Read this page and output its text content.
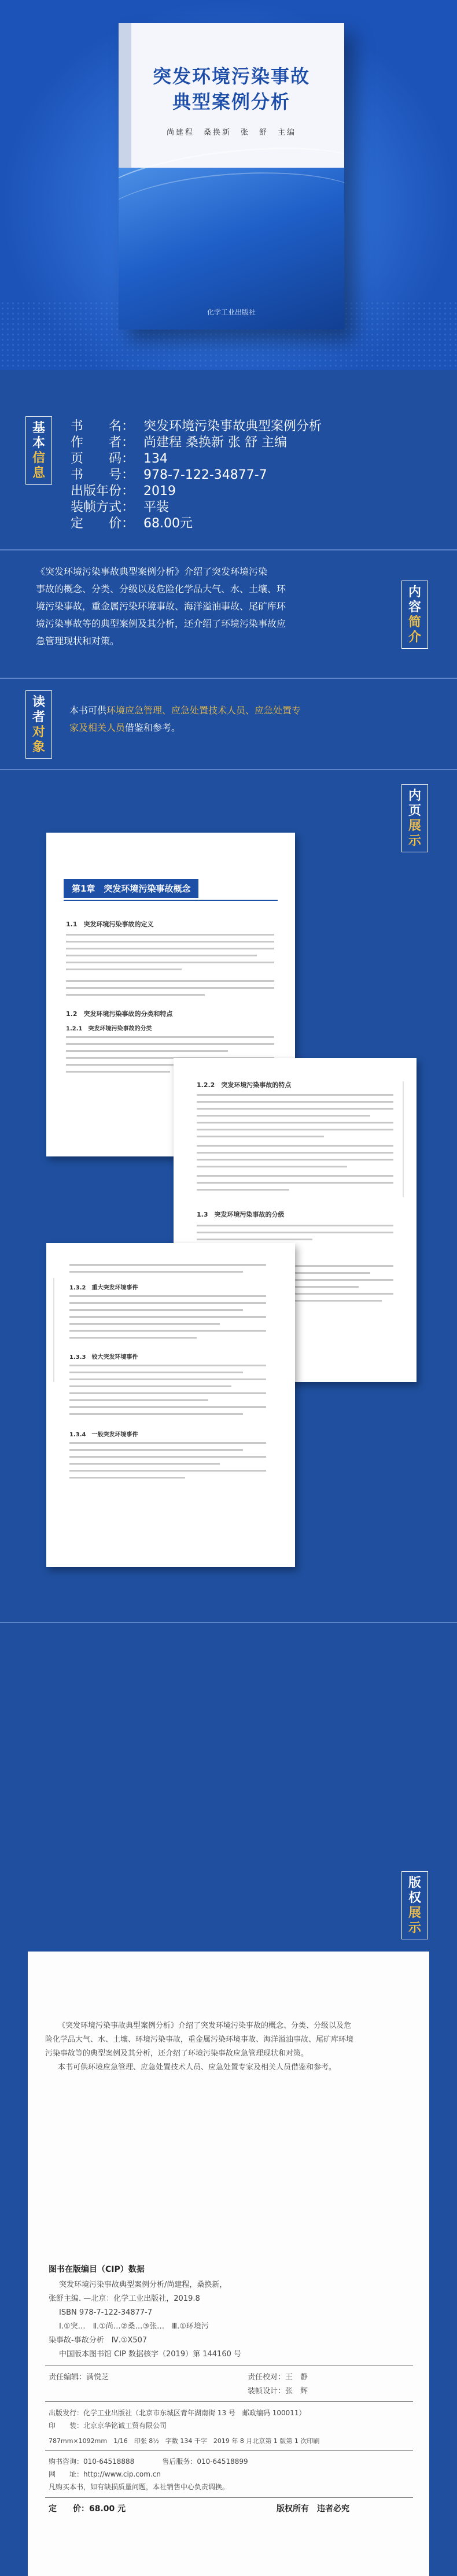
突发环境污染事故
典型案例分析
尚建程　桑换新　张　舒　主编
化学工业出版社
基
本
信
息
书　　名： 突发环境污染事故典型案例分析
作　　者： 尚建程 桑换新 张 舒 主编
页　　码： 134
书　　号： 978-7-122-34877-7
出版年份： 2019
装帧方式： 平装
定　　价： 68.00元
《突发环境污染事故典型案例分析》介绍了突发环境污染
事故的概念、分类、分级以及危险化学品大气、水、土壤、环
境污染事故，重金属污染环境事故、海洋溢油事故、尾矿库环
境污染事故等的典型案例及其分析，还介绍了环境污染事故应
急管理现状和对策。
内
容
简
介
读
者
对
象
本书可供环境应急管理、应急处置技术人员、应急处置专
家及相关人员借鉴和参考。
内
页
展
示
第1章　突发环境污染事故概念
1.1　突发环境污染事故的定义
1.2　突发环境污染事故的分类和特点
1.2.1　突发环境污染事故的分类
1.2.2　突发环境污染事故的特点
1.3　突发环境污染事故的分级
1.3.2　重大突发环境事件
1.3.3　较大突发环境事件
1.3.4　一般突发环境事件
版
权
展
示
《突发环境污染事故典型案例分析》介绍了突发环境污染事故的概念、分类、分级以及危
险化学品大气、水、土壤、环境污染事故，重金属污染环境事故、海洋溢油事故、尾矿库环境
污染事故等的典型案例及其分析，还介绍了环境污染事故应急管理现状和对策。
本书可供环境应急管理、应急处置技术人员、应急处置专家及相关人员借鉴和参考。
图书在版编目（CIP）数据
突发环境污染事故典型案例分析/尚建程，桑换新，
张舒主编. —北京：化学工业出版社，2019.8
ISBN 978-7-122-34877-7
Ⅰ.①突…　Ⅱ.①尚…②桑…③张…　Ⅲ.①环境污
染事故-事故分析　Ⅳ.①X507
中国版本图书馆 CIP 数据核字（2019）第 144160 号
责任编辑：满悦芝	责任校对：王　静
装帧设计：张　辉
出版发行：化学工业出版社（北京市东城区青年湖南街 13 号　邮政编码 100011）
印　　装：北京京华铭诚工贸有限公司
787mm×1092mm　1/16　印张 8½　字数 134 千字　2019 年 8 月北京第 1 版第 1 次印刷
购书咨询：010-64518888　　　　售后服务：010-64518899
网　　址：http://www.cip.com.cn
凡购买本书，如有缺损质量问题，本社销售中心负责调换。
定　　价：68.00 元	版权所有　违者必究
